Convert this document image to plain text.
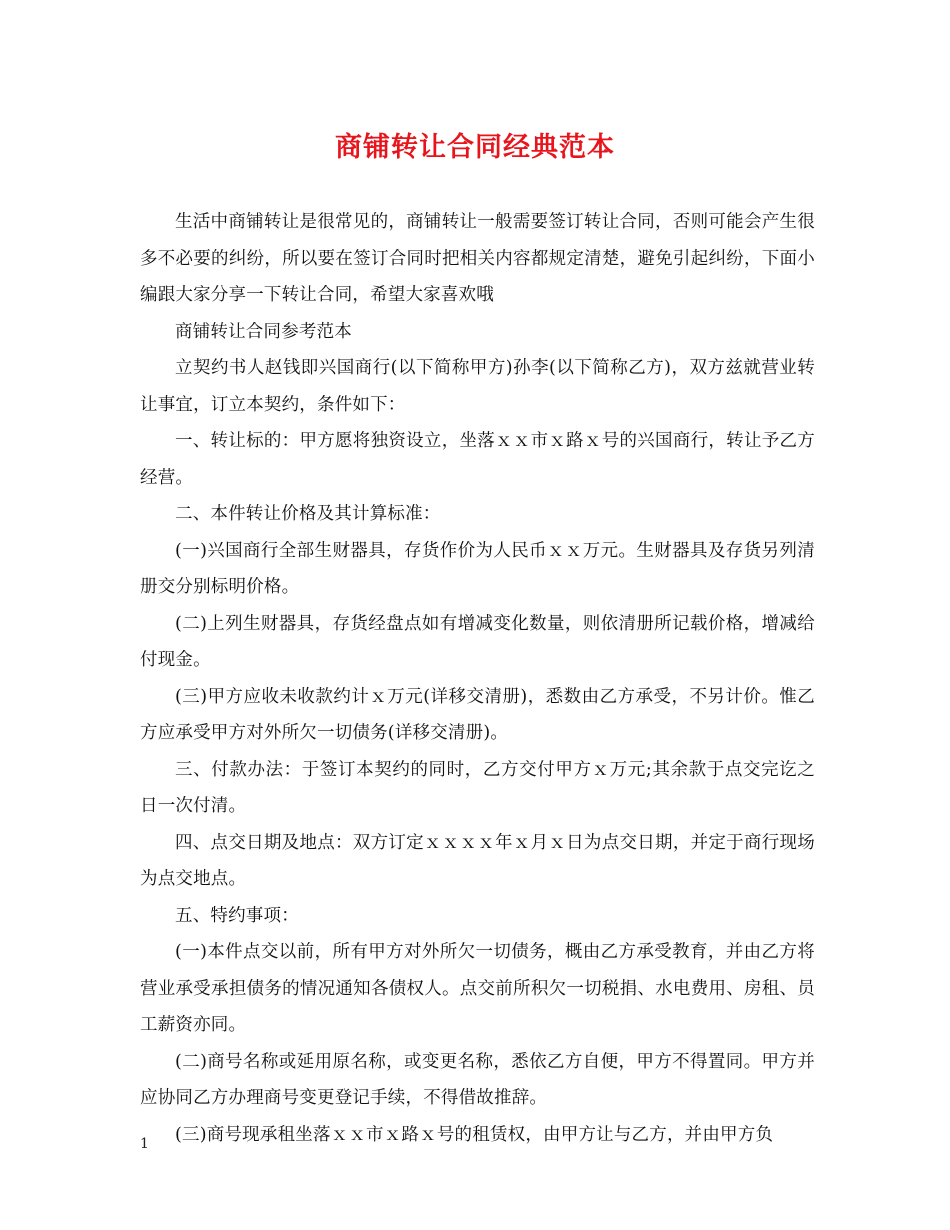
商铺转让合同经典范本

生活中商铺转让是很常见的，商铺转让一般需要签订转让合同，否则可能会产生很多不必要的纠纷，所以要在签订合同时把相关内容都规定清楚，避免引起纠纷，下面小编跟大家分享一下转让合同，希望大家喜欢哦

商铺转让合同参考范本

立契约书人赵钱即兴国商行(以下简称甲方)孙李(以下简称乙方)，双方兹就营业转让事宜，订立本契约，条件如下：

一、转让标的：甲方愿将独资设立，坐落ｘｘ市ｘ路ｘ号的兴国商行，转让予乙方经营。

二、本件转让价格及其计算标准：

(一)兴国商行全部生财器具，存货作价为人民币ｘｘ万元。生财器具及存货另列清册交分别标明价格。

(二)上列生财器具，存货经盘点如有增减变化数量，则依清册所记载价格，增减给付现金。

(三)甲方应收未收款约计ｘ万元(详移交清册)，悉数由乙方承受，不另计价。惟乙方应承受甲方对外所欠一切债务(详移交清册)。

三、付款办法：于签订本契约的同时，乙方交付甲方ｘ万元;其余款于点交完讫之日一次付清。

四、点交日期及地点：双方订定ｘｘｘｘ年ｘ月ｘ日为点交日期，并定于商行现场为点交地点。

五、特约事项：

(一)本件点交以前，所有甲方对外所欠一切债务，概由乙方承受教育，并由乙方将营业承受承担债务的情况通知各债权人。点交前所积欠一切税捐、水电费用、房租、员工薪资亦同。

(二)商号名称或延用原名称，或变更名称，悉依乙方自便，甲方不得置同。甲方并应协同乙方办理商号变更登记手续，不得借故推辞。

(三)商号现承租坐落ｘｘ市ｘ路ｘ号的租赁权，由甲方让与乙方，并由甲方负

1
